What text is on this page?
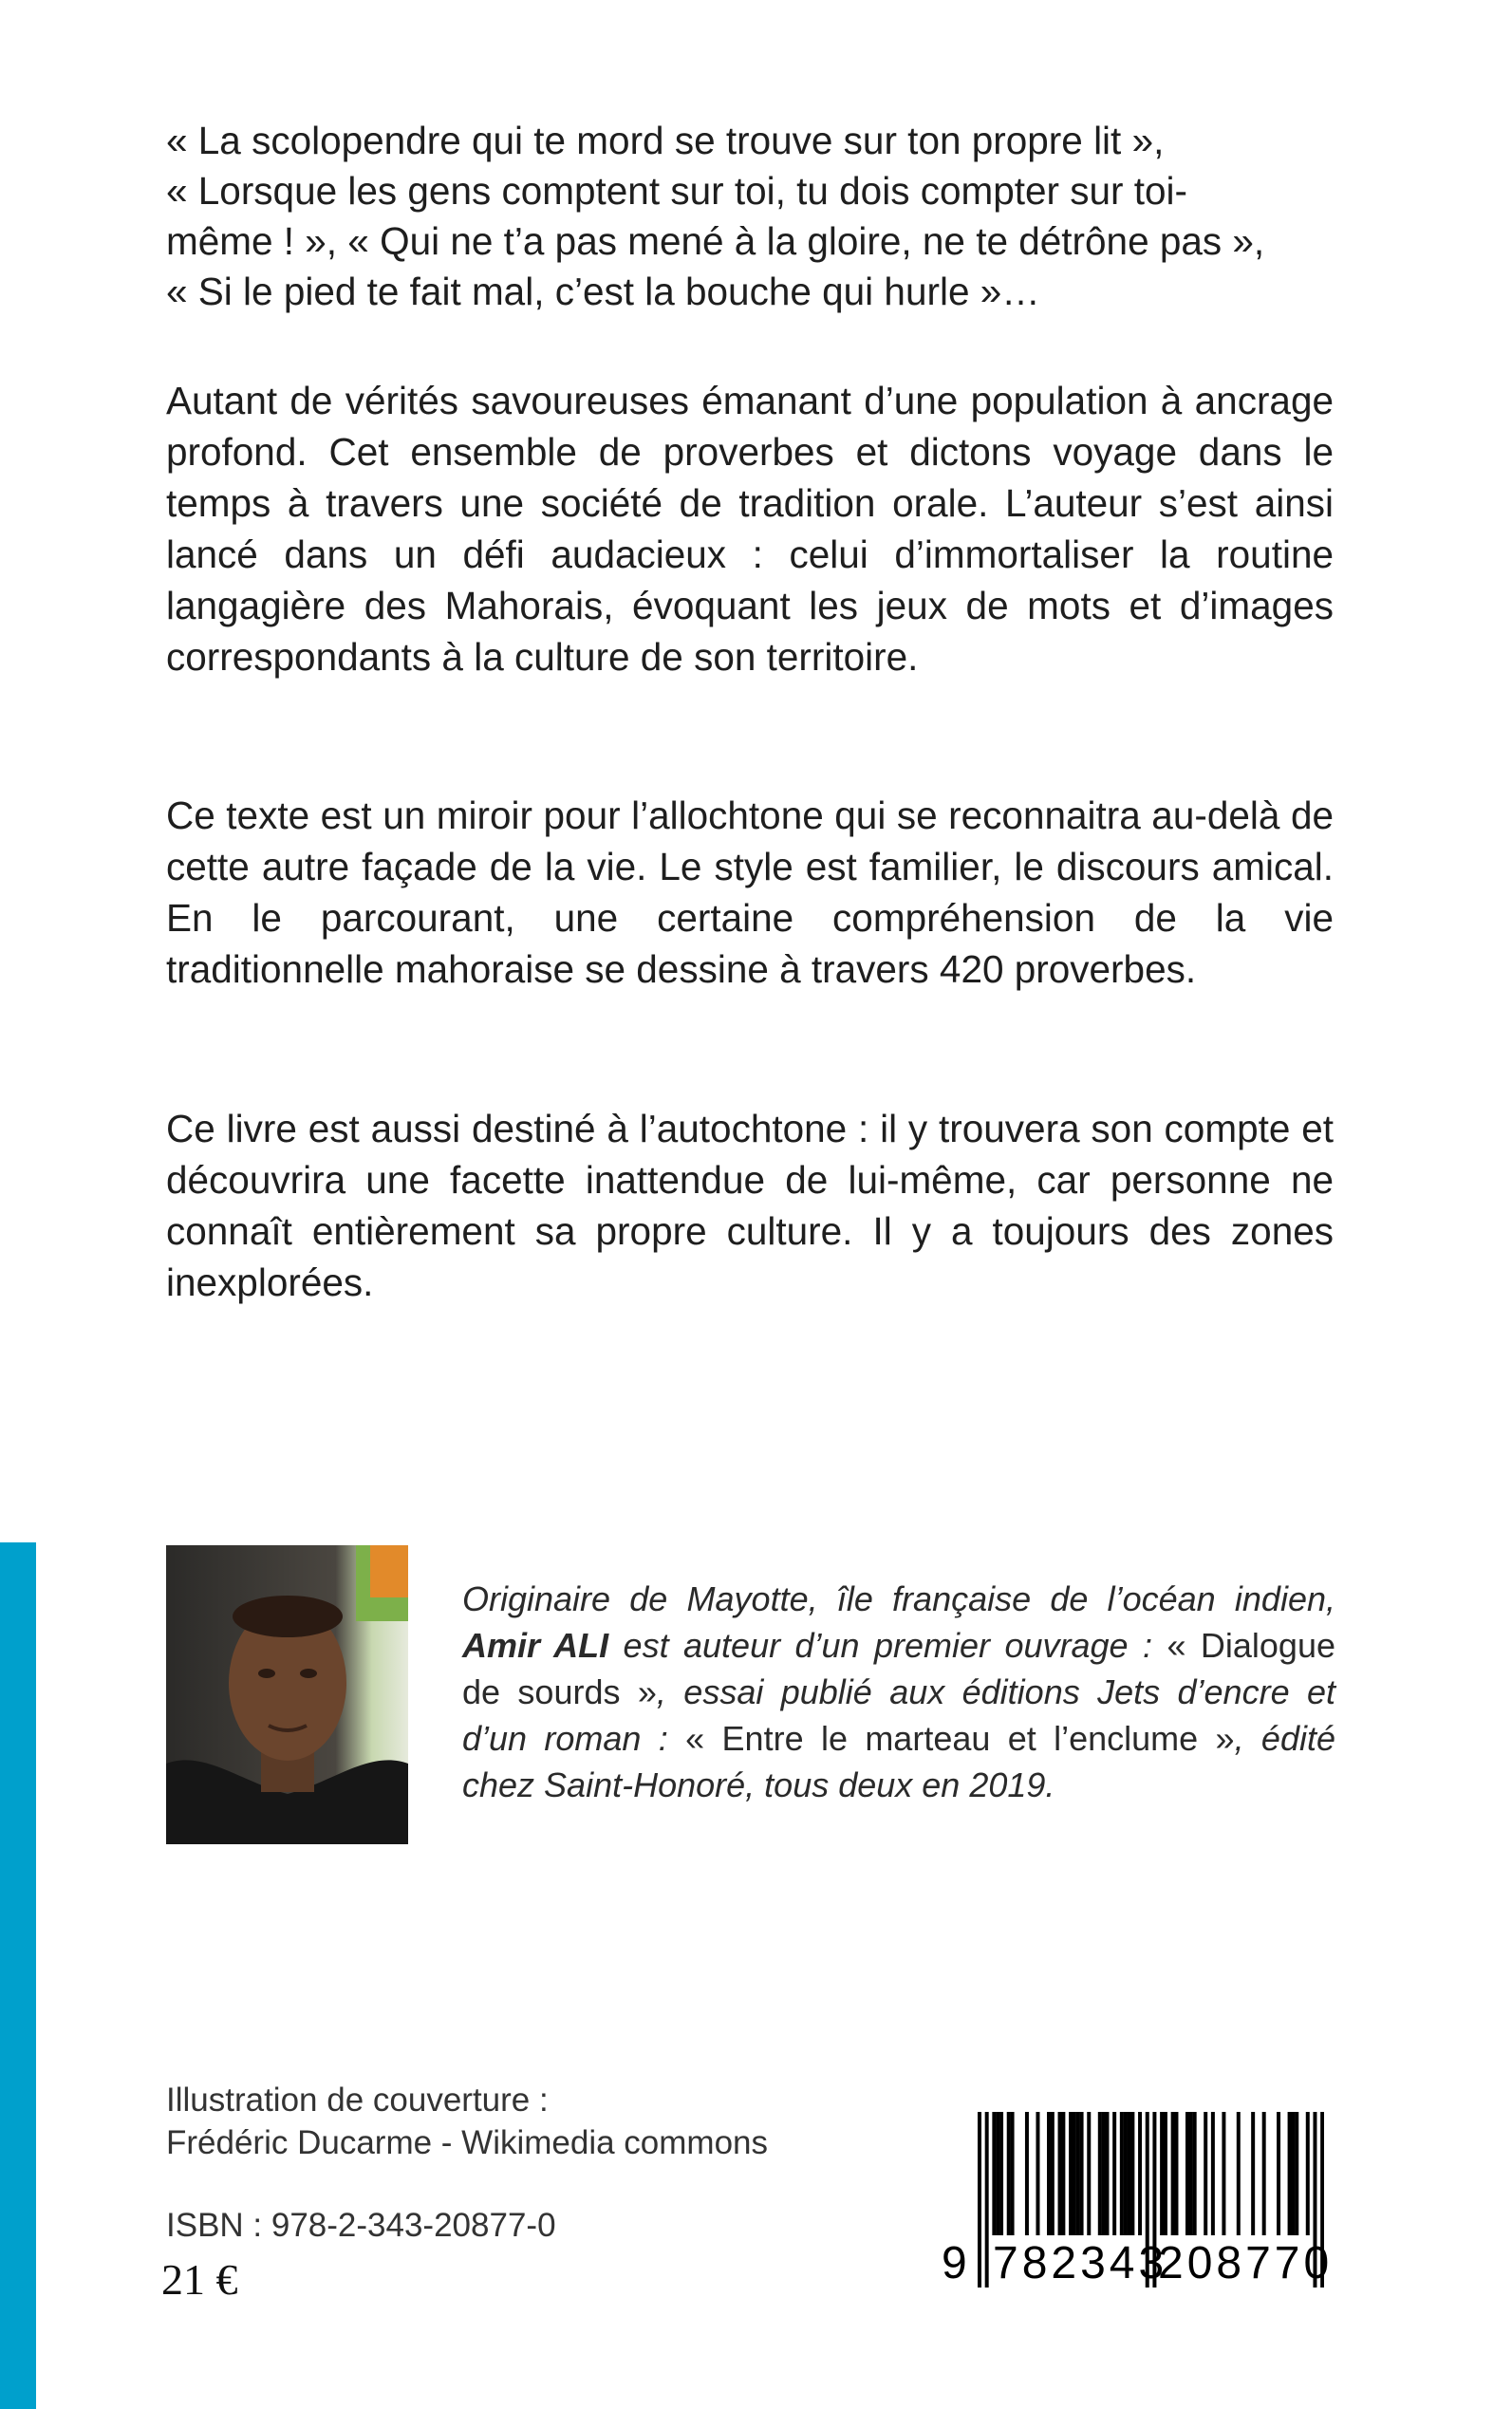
« La scolopendre qui te mord se trouve sur ton propre lit »,
« Lorsque les gens comptent sur toi, tu dois compter sur toi-
même ! », « Qui ne t’a pas mené à la gloire, ne te détrône pas »,
« Si le pied te fait mal, c’est la bouche qui hurle »…

Autant de vérités savoureuses émanant d’une population à ancrage profond. Cet ensemble de proverbes et dictons voyage dans le temps à travers une société de tradition orale. L’auteur s’est ainsi lancé dans un défi audacieux : celui d’immortaliser la routine langagière des Mahorais, évoquant les jeux de mots et d’images correspondants à la culture de son territoire.

Ce texte est un miroir pour l’allochtone qui se reconnaitra au-delà de cette autre façade de la vie. Le style est familier, le discours amical. En le parcourant, une certaine compréhension de la vie traditionnelle mahoraise se dessine à travers 420 proverbes.

Ce livre est aussi destiné à l’autochtone : il y trouvera son compte et découvrira une facette inattendue de lui-même, car personne ne connaît entièrement sa propre culture. Il y a toujours des zones inexplorées.

Originaire de Mayotte, île française de l’océan indien, Amir ALI est auteur d’un premier ouvrage : « Dialogue de sourds », essai publié aux éditions Jets d’encre et d’un roman : « Entre le marteau et l’enclume », édité chez Saint-Honoré, tous deux en 2019.
Illustration de couverture :
Frédéric Ducarme - Wikimedia commons
ISBN : 978-2-343-20877-0
21 €	9 782343
208770
